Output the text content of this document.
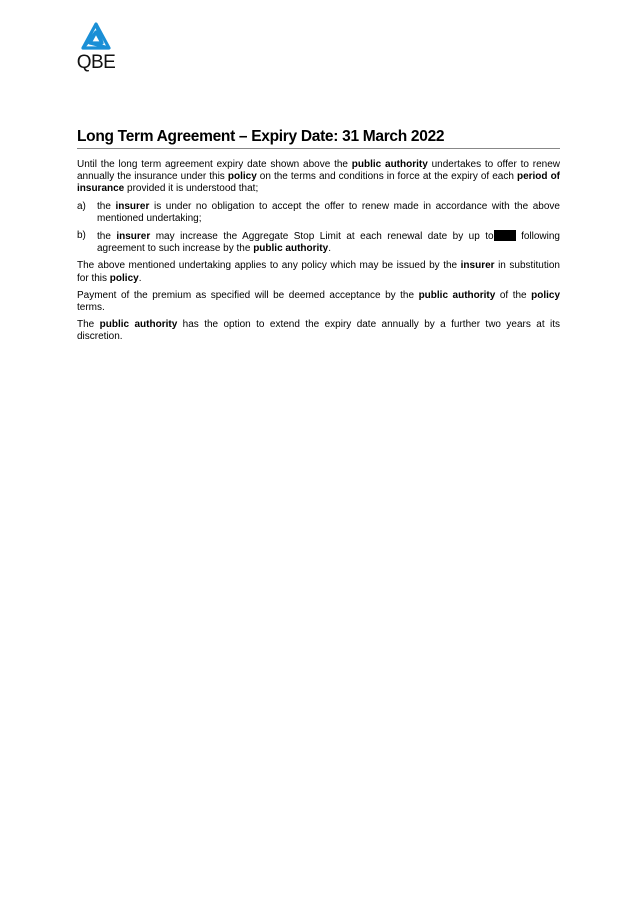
QBE
Long Term Agreement – Expiry Date: 31 March 2022

Until the long term agreement expiry date shown above the public authority undertakes to offer to renew annually the insurance under this policy on the terms and conditions in force at the expiry of each period of insurance provided it is understood that;

a)	the insurer is under no obligation to accept the offer to renew made in accordance with the above mentioned undertaking;

b)	the insurer may increase the Aggregate Stop Limit at each renewal date by up to following agreement to such increase by the public authority.

The above mentioned undertaking applies to any policy which may be issued by the insurer in substitution for this policy.

Payment of the premium as specified will be deemed acceptance by the public authority of the policy terms.

The public authority has the option to extend the expiry date annually by a further two years at its discretion.
